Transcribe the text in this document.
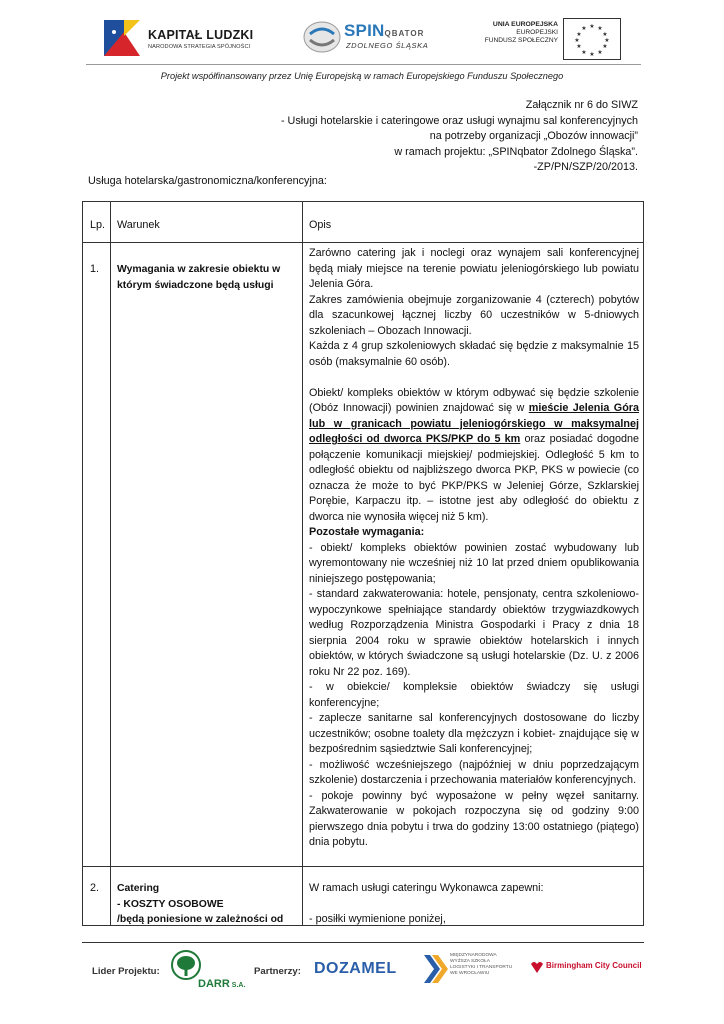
KAPITAŁ LUDZKI
NARODOWA STRATEGIA SPÓJNOŚCI
SPINQBATOR
ZDOLNEGO ŚLĄSKA
UNIA EUROPEJSKA
EUROPEJSKI
FUNDUSZ SPOŁECZNY
★ ★
★
★
★
★
★
★
★
★
★
★
Projekt współfinansowany przez Unię Europejską w ramach Europejskiego Funduszu Społecznego
Załącznik nr 6 do SIWZ
- Usługi hotelarskie i cateringowe oraz usługi wynajmu sal konferencyjnych
na potrzeby organizacji „Obozów innowacji”
w ramach projektu: „SPINqbator Zdolnego Śląska”.
-ZP/PN/SZP/20/2013.
Usługa hotelarska/gastronomiczna/konferencyjna:
Lp. Warunek	Opis
1. Wymagania w zakresie obiektu w
którym świadczone będą usługi

Zarówno catering jak i noclegi oraz wynajem sali konferencyjnej będą miały miejsce na terenie powiatu jeleniogórskiego lub powiatu Jelenia Góra.

Zakres zamówienia obejmuje zorganizowanie 4 (czterech) pobytów dla szacunkowej łącznej liczby 60 uczestników w 5-dniowych szkoleniach – Obozach Innowacji.

Każda z 4 grup szkoleniowych składać się będzie z maksymalnie 15 osób (maksymalnie 60 osób).

Obiekt/ kompleks obiektów w którym odbywać się będzie szkolenie (Obóz Innowacji) powinien znajdować się w mieście Jelenia Góra lub w granicach powiatu jeleniogórskiego w maksymalnej odległości od dworca PKS/PKP do 5 km oraz posiadać dogodne połączenie komunikacji miejskiej/ podmiejskiej. Odległość 5 km to odległość obiektu od najbliższego dworca PKP, PKS w powiecie (co oznacza że może to być PKP/PKS w Jeleniej Górze, Szklarskiej Porębie, Karpaczu itp. – istotne jest aby odległość do obiektu z dworca nie wynosiła więcej niż 5 km).

Pozostałe wymagania:

- obiekt/ kompleks obiektów powinien zostać wybudowany lub wyremontowany nie wcześniej niż 10 lat przed dniem opublikowania niniejszego postępowania;

- standard zakwaterowania: hotele, pensjonaty, centra szkoleniowo- wypoczynkowe spełniające standardy obiektów trzygwiazdkowych według Rozporządzenia Ministra Gospodarki i Pracy z dnia 18 sierpnia 2004 roku w sprawie obiektów hotelarskich i innych obiektów, w których świadczone są usługi hotelarskie (Dz. U. z 2006 roku Nr 22 poz. 169).

- w obiekcie/ kompleksie obiektów świadczy się usługi konferencyjne;

- zaplecze sanitarne sal konferencyjnych dostosowane do liczby uczestników; osobne toalety dla mężczyzn i kobiet- znajdujące się w bezpośrednim sąsiedztwie Sali konferencyjnej;

- możliwość wcześniejszego (najpóźniej w dniu poprzedzającym szkolenie) dostarczenia i przechowania materiałów konferencyjnych.

- pokoje powinny być wyposażone w pełny węzeł sanitarny. Zakwaterowanie w pokojach rozpoczyna się od godziny 9:00 pierwszego dnia pobytu i trwa do godziny 13:00 ostatniego (piątego) dnia pobytu.

2. Catering
- KOSZTY OSOBOWE
/będą poniesione w zależności od

W ramach usługi cateringu Wykonawca zapewni:

- posiłki wymienione poniżej,

Lider Projektu:
DARR S.A.
Partnerzy: DOZAMEL
MIĘDZYNARODOWA
WYŻSZA SZKOŁA
LOGISTYKI I TRANSPORTU
WE WROCŁAWIU
Birmingham City Council
